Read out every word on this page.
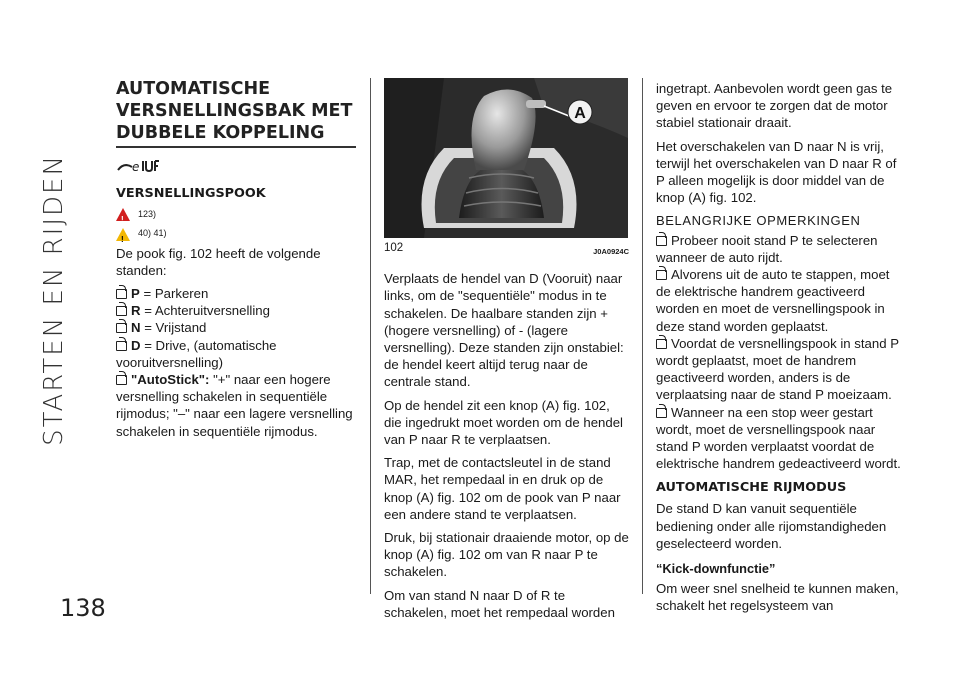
STARTEN EN RIJDEN
138
AUTOMATISCHE
VERSNELLINGSBAK MET
DUBBELE KOPPELING
e
VERSNELLINGSPOOK
!
123)
!
40) 41)

De pook fig. 102 heeft de volgende standen:

P = Parkeren
R = Achteruitversnelling
N = Vrijstand
D = Drive, (automatische vooruitversnelling)
"AutoStick": "+" naar een hogere versnelling schakelen in sequentiële rijmodus; "–" naar een lagere versnelling schakelen in sequentiële rijmodus.
A
102	J0A0924C

Verplaats de hendel van D (Vooruit) naar links, om de "sequentiële" modus in te schakelen. De haalbare standen zijn + (hogere versnelling) of - (lagere versnelling). Deze standen zijn onstabiel: de hendel keert altijd terug naar de centrale stand.

Op de hendel zit een knop (A) fig. 102, die ingedrukt moet worden om de hendel van P naar R te verplaatsen.

Trap, met de contactsleutel in de stand MAR, het rempedaal in en druk op de knop (A) fig. 102 om de pook van P naar een andere stand te verplaatsen.

Druk, bij stationair draaiende motor, op de knop (A) fig. 102 om van R naar P te schakelen.

Om van stand N naar D of R te schakelen, moet het rempedaal worden

ingetrapt. Aanbevolen wordt geen gas te geven en ervoor te zorgen dat de motor stabiel stationair draait.

Het overschakelen van D naar N is vrij, terwijl het overschakelen van D naar R of P alleen mogelijk is door middel van de knop (A) fig. 102.

BELANGRIJKE OPMERKINGEN
Probeer nooit stand P te selecteren wanneer de auto rijdt.
Alvorens uit de auto te stappen, moet de elektrische handrem geactiveerd worden en moet de versnellingspook in deze stand worden geplaatst.
Voordat de versnellingspook in stand P wordt geplaatst, moet de handrem geactiveerd worden, anders is de verplaatsing naar de stand P moeizaam.
Wanneer na een stop weer gestart wordt, moet de versnellingspook naar stand P worden verplaatst voordat de elektrische handrem gedeactiveerd wordt.
AUTOMATISCHE RIJMODUS

De stand D kan vanuit sequentiële bediening onder alle rijomstandigheden geselecteerd worden.

“Kick-downfunctie”

Om weer snel snelheid te kunnen maken, schakelt het regelsysteem van
